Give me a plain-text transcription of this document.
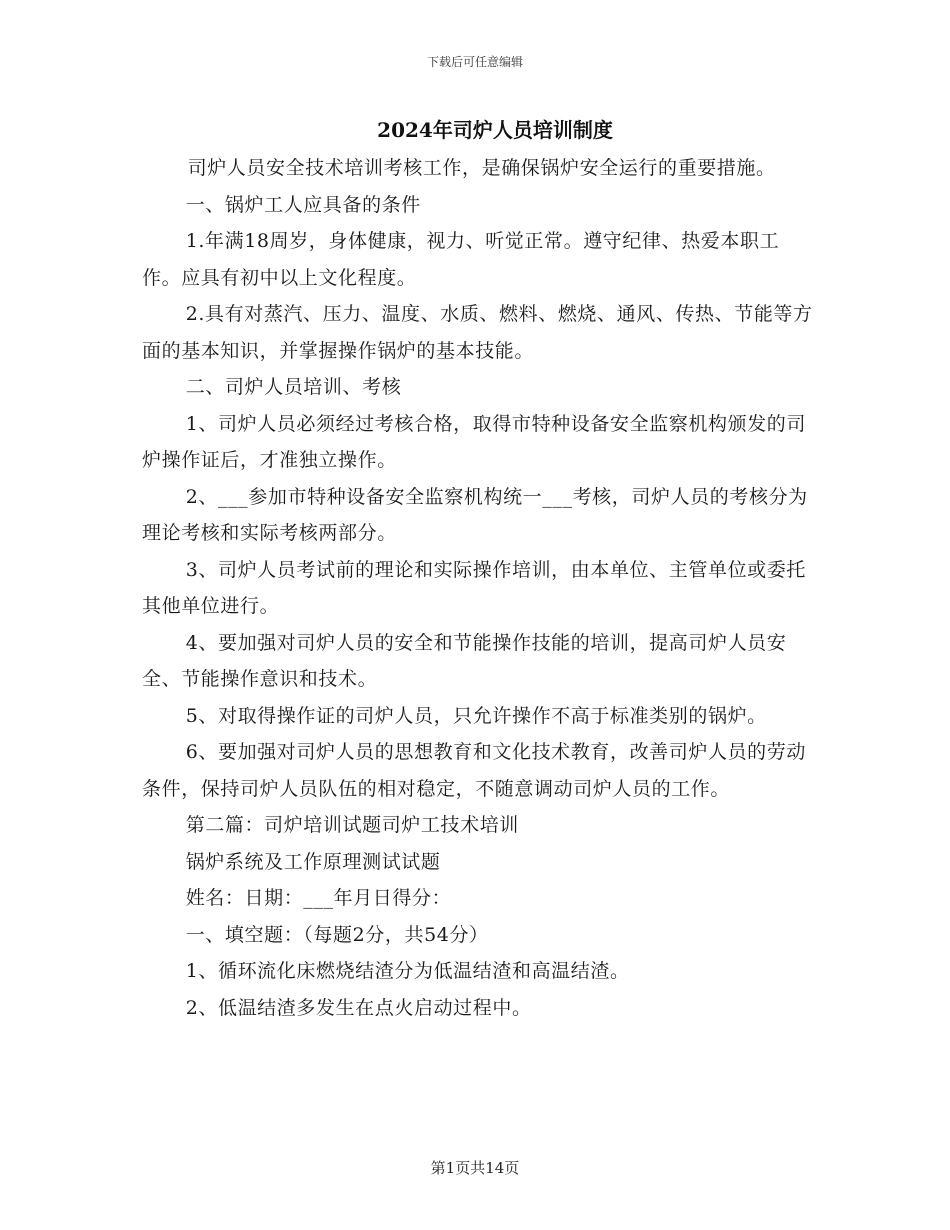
下载后可任意编辑
2024年司炉人员培训制度

司炉人员安全技术培训考核工作，是确保锅炉安全运行的重要措施。

一、锅炉工人应具备的条件

1.年满18周岁，身体健康，视力、听觉正常。遵守纪律、热爱本职工作。应具有初中以上文化程度。

2.具有对蒸汽、压力、温度、水质、燃料、燃烧、通风、传热、节能等方面的基本知识，并掌握操作锅炉的基本技能。

二、司炉人员培训、考核

1、司炉人员必须经过考核合格，取得市特种设备安全监察机构颁发的司炉操作证后，才准独立操作。

2、___参加市特种设备安全监察机构统一___考核，司炉人员的考核分为理论考核和实际考核两部分。

3、司炉人员考试前的理论和实际操作培训，由本单位、主管单位或委托其他单位进行。

4、要加强对司炉人员的安全和节能操作技能的培训，提高司炉人员安全、节能操作意识和技术。

5、对取得操作证的司炉人员，只允许操作不高于标准类别的锅炉。

6、要加强对司炉人员的思想教育和文化技术教育，改善司炉人员的劳动条件，保持司炉人员队伍的相对稳定，不随意调动司炉人员的工作。

第二篇：司炉培训试题司炉工技术培训

锅炉系统及工作原理测试试题

姓名：日期：___年月日得分：

一、填空题：（每题2分，共54分）

1、循环流化床燃烧结渣分为低温结渣和高温结渣。

2、低温结渣多发生在点火启动过程中。

第1页共14页
